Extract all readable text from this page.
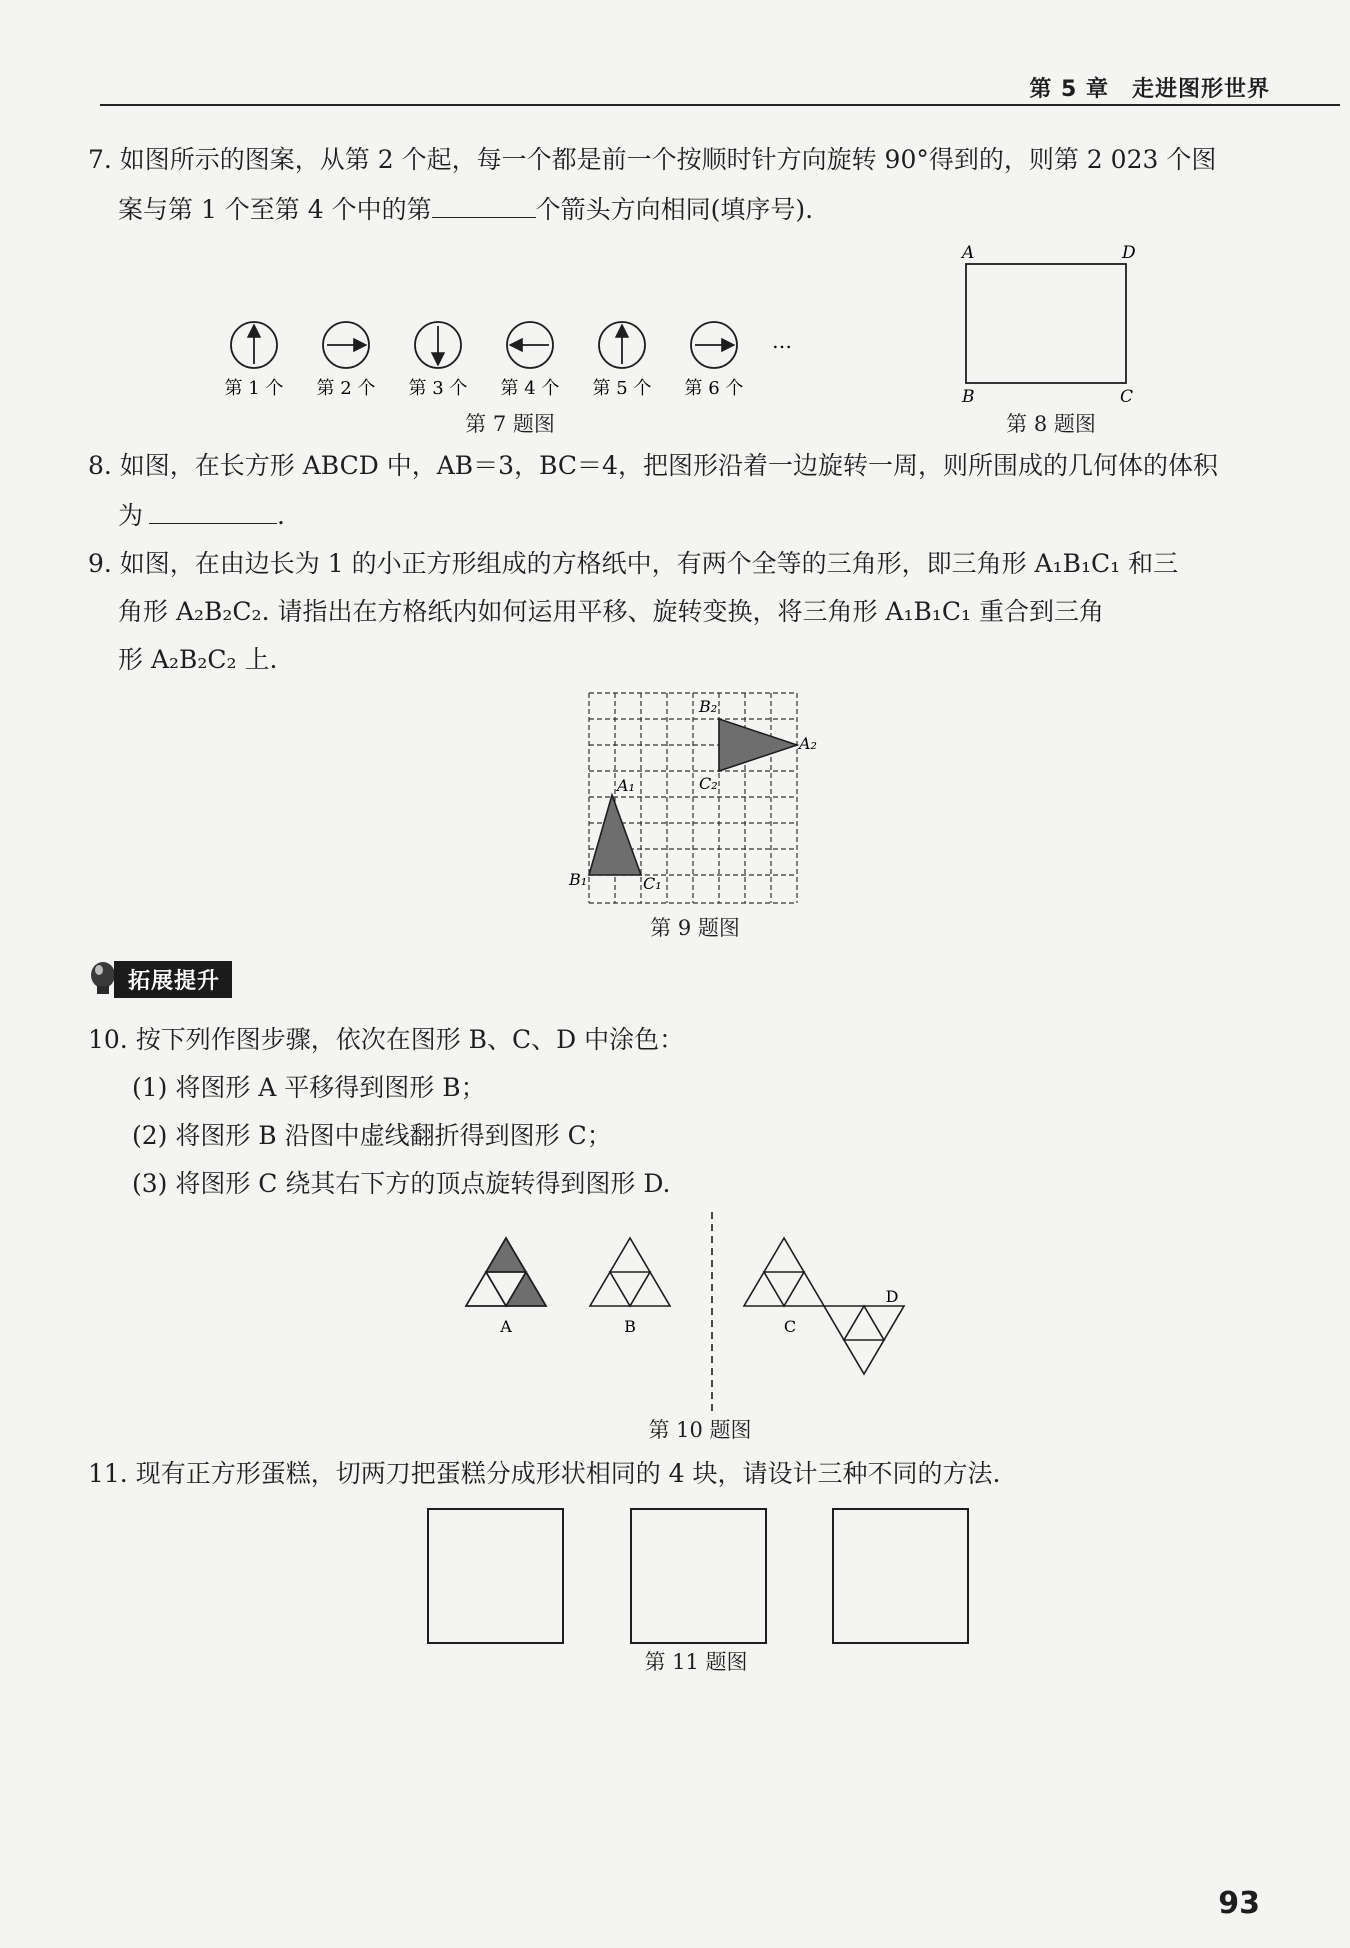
第 5 章　走进图形世界
7. 如图所示的图案，从第 2 个起，每一个都是前一个按顺时针方向旋转 90°得到的，则第 2 023 个图
案与第 1 个至第 4 个中的第	个箭头方向相同(填序号).
…
第 1 个 第 2 个 第 3 个 第 4 个 第 5 个 第 6 个
第 7 题图
A	D
B	C
第 8 题图
8. 如图，在长方形 ABCD 中，AB＝3，BC＝4，把图形沿着一边旋转一周，则所围成的几何体的体积
为	.
9. 如图，在由边长为 1 的小正方形组成的方格纸中，有两个全等的三角形，即三角形 A₁B₁C₁ 和三
角形 A₂B₂C₂. 请指出在方格纸内如何运用平移、旋转变换，将三角形 A₁B₁C₁ 重合到三角
形 A₂B₂C₂ 上.
A₁
B₁	C₁
B₂
A₂
C₂
第 9 题图
拓展提升
10. 按下列作图步骤，依次在图形 B、C、D 中涂色：
(1) 将图形 A 平移得到图形 B；
(2) 将图形 B 沿图中虚线翻折得到图形 C；
(3) 将图形 C 绕其右下方的顶点旋转得到图形 D.
A	B	C
D
第 10 题图
11. 现有正方形蛋糕，切两刀把蛋糕分成形状相同的 4 块，请设计三种不同的方法.
第 11 题图
93
